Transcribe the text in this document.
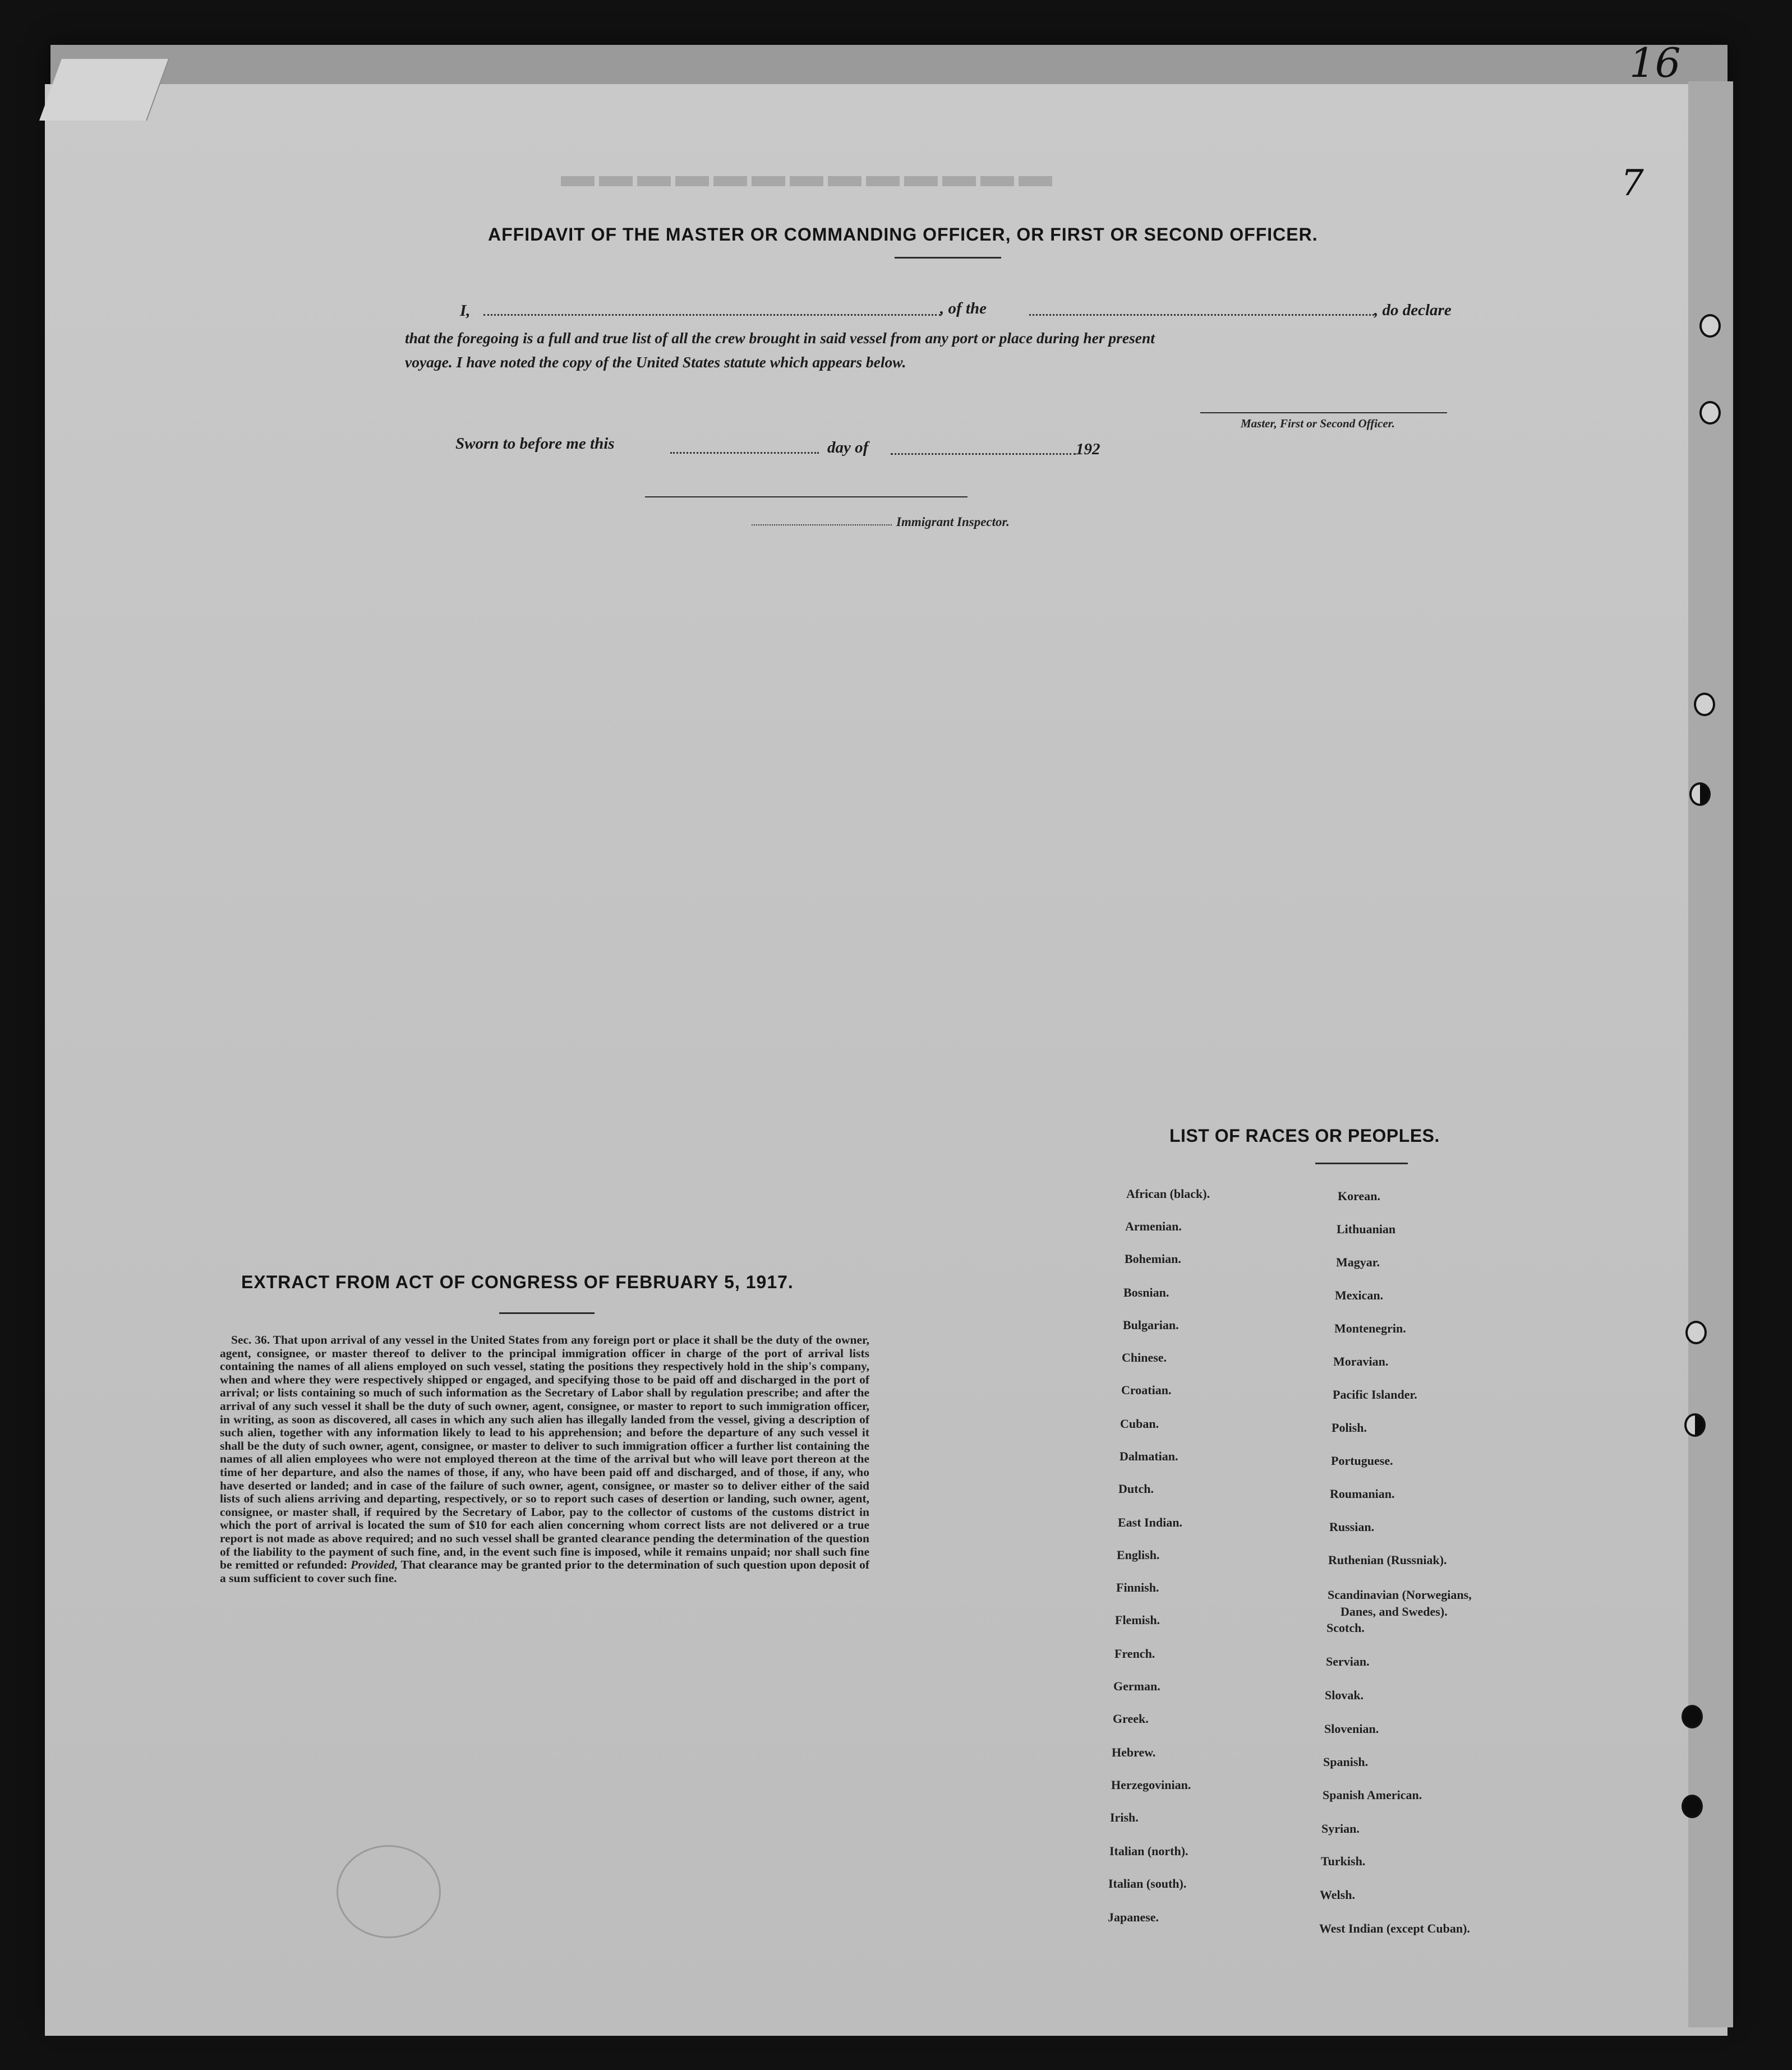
16
7
▬▬▬▬▬▬▬▬▬▬▬▬▬
AFFIDAVIT OF THE MASTER OR COMMANDING OFFICER, OR FIRST OR SECOND OFFICER.
I,	, of the	, do declare
that the foregoing is a full and true list of all the crew brought in said vessel from any port or place during her present
voyage. I have noted the copy of the United States statute which appears below.
Master, First or Second Officer.
Sworn to before me this	day of	192
Immigrant Inspector.
EXTRACT FROM ACT OF CONGRESS OF FEBRUARY 5, 1917.
Sec. 36. That upon arrival of any vessel in the United States from any foreign port or place it shall be the duty of the owner, agent, consignee, or master thereof to deliver to the principal immigration officer in charge of the port of arrival lists containing the names of all aliens employed on such vessel, stating the positions they respectively hold in the ship's company, when and where they were respectively shipped or engaged, and specifying those to be paid off and discharged in the port of arrival; or lists containing so much of such information as the Secretary of Labor shall by regulation prescribe; and after the arrival of any such vessel it shall be the duty of such owner, agent, consignee, or master to report to such immigration officer, in writing, as soon as discovered, all cases in which any such alien has illegally landed from the vessel, giving a description of such alien, together with any information likely to lead to his apprehension; and before the departure of any such vessel it shall be the duty of such owner, agent, consignee, or master to deliver to such immigration officer a further list containing the names of all alien employees who were not employed thereon at the time of the arrival but who will leave port thereon at the time of her departure, and also the names of those, if any, who have been paid off and discharged, and of those, if any, who have deserted or landed; and in case of the failure of such owner, agent, consignee, or master so to deliver either of the said lists of such aliens arriving and departing, respectively, or so to report such cases of desertion or landing, such owner, agent, consignee, or master shall, if required by the Secretary of Labor, pay to the collector of customs of the customs district in which the port of arrival is located the sum of $10 for each alien concerning whom correct lists are not delivered or a true report is not made as above required; and no such vessel shall be granted clearance pending the determination of the question of the liability to the payment of such fine, and, in the event such fine is imposed, while it remains unpaid; nor shall such fine be remitted or refunded: Provided, That clearance may be granted prior to the determination of such question upon deposit of a sum sufficient to cover such fine.
LIST OF RACES OR PEOPLES.
African (black).
Armenian.
Bohemian.
Bosnian.
Bulgarian.
Chinese.
Croatian.
Cuban.
Dalmatian.
Dutch.
East Indian.
English.
Finnish.
Flemish.
French.
German.
Greek.
Hebrew.
Herzegovinian.
Irish.
Italian (north).
Italian (south).
Japanese.
Korean.
Lithuanian
Magyar.
Mexican.
Montenegrin.
Moravian.
Pacific Islander.
Polish.
Portuguese.
Roumanian.
Russian.
Ruthenian (Russniak).
Scandinavian (Norwegians,
Scotch.
Servian.
Slovak.
Slovenian.
Spanish.
Spanish American.
Syrian.
Turkish.
Welsh.
West Indian (except Cuban).
Danes, and Swedes).
